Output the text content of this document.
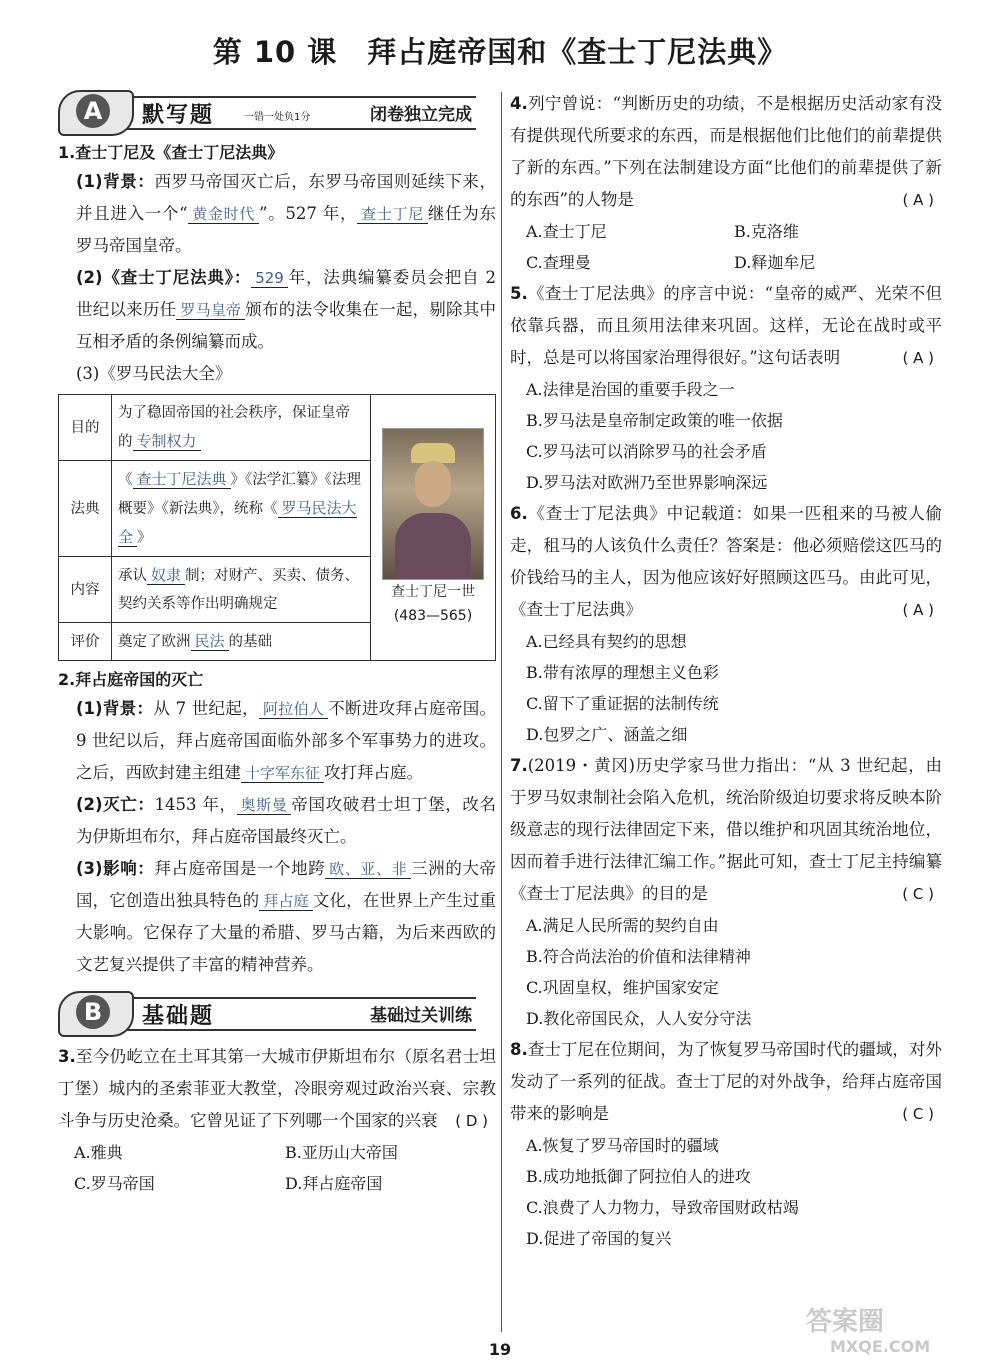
第 10 课　拜占庭帝国和《查士丁尼法典》
A	默写题	一错一处负1分	闭卷独立完成
1.查士丁尼及《查士丁尼法典》
(1)背景：西罗马帝国灭亡后，东罗马帝国则延续下来，并且进入一个“ 黄金时代 ”。527 年， 查士丁尼 继任为东罗马帝国皇帝。
(2)《查士丁尼法典》： 529 年，法典编纂委员会把自 2 世纪以来历任 罗马皇帝 颁布的法令收集在一起，剔除其中互相矛盾的条例编纂而成。
(3)《罗马民法大全》
目的	为了稳固帝国的社会秩序，保证皇帝的 专制权力	查士丁尼一世
(483—565)

法典	《 查士丁尼法典 》《法学汇纂》《法理概要》《新法典》，统称《 罗马民法大全 》	
内容	承认 奴隶 制；对财产、买卖、债务、契约关系等作出明确规定	
评价	奠定了欧洲 民法 的基础	
2.拜占庭帝国的灭亡
(1)背景：从 7 世纪起， 阿拉伯人 不断进攻拜占庭帝国。9 世纪以后，拜占庭帝国面临外部多个军事势力的进攻。之后，西欧封建主组建 十字军东征 攻打拜占庭。
(2)灭亡：1453 年， 奥斯曼 帝国攻破君士坦丁堡，改名为伊斯坦布尔，拜占庭帝国最终灭亡。
(3)影响：拜占庭帝国是一个地跨 欧、亚、非 三洲的大帝国，它创造出独具特色的 拜占庭 文化，在世界上产生过重大影响。它保存了大量的希腊、罗马古籍，为后来西欧的文艺复兴提供了丰富的精神营养。
B	基础题	基础过关训练
3.至今仍屹立在土耳其第一大城市伊斯坦布尔（原名君士坦丁堡）城内的圣索菲亚大教堂，冷眼旁观过政治兴衰、宗教斗争与历史沧桑。它曾见证了下列哪一个国家的兴衰 ( D )
A.雅典	B.亚历山大帝国
C.罗马帝国	D.拜占庭帝国
4.列宁曾说：“判断历史的功绩，不是根据历史活动家有没有提供现代所要求的东西，而是根据他们比他们的前辈提供了新的东西。”下列在法制建设方面“比他们的前辈提供了新的东西”的人物是	( A )
A.查士丁尼	B.克洛维
C.查理曼	D.释迦牟尼
5.《查士丁尼法典》的序言中说：“皇帝的威严、光荣不但依靠兵器，而且须用法律来巩固。这样，无论在战时或平时，总是可以将国家治理得很好。”这句话表明	( A )
A.法律是治国的重要手段之一
B.罗马法是皇帝制定政策的唯一依据
C.罗马法可以消除罗马的社会矛盾
D.罗马法对欧洲乃至世界影响深远
6.《查士丁尼法典》中记载道：如果一匹租来的马被人偷走，租马的人该负什么责任？答案是：他必须赔偿这匹马的价钱给马的主人，因为他应该好好照顾这匹马。由此可见，《查士丁尼法典》	( A )
A.已经具有契约的思想
B.带有浓厚的理想主义色彩
C.留下了重证据的法制传统
D.包罗之广、涵盖之细
7.(2019・黄冈)历史学家马世力指出：“从 3 世纪起，由于罗马奴隶制社会陷入危机，统治阶级迫切要求将反映本阶级意志的现行法律固定下来，借以维护和巩固其统治地位，因而着手进行法律汇编工作。”据此可知，查士丁尼主持编纂《查士丁尼法典》的目的是	( C )
A.满足人民所需的契约自由
B.符合尚法治的价值和法律精神
C.巩固皇权，维护国家安定
D.教化帝国民众，人人安分守法
8.查士丁尼在位期间，为了恢复罗马帝国时代的疆域，对外发动了一系列的征战。查士丁尼的对外战争，给拜占庭帝国带来的影响是	( C )
A.恢复了罗马帝国时的疆域
B.成功地抵御了阿拉伯人的进攻
C.浪费了人力物力，导致帝国财政枯竭
D.促进了帝国的复兴
19
答案圈
MXQE.COM
